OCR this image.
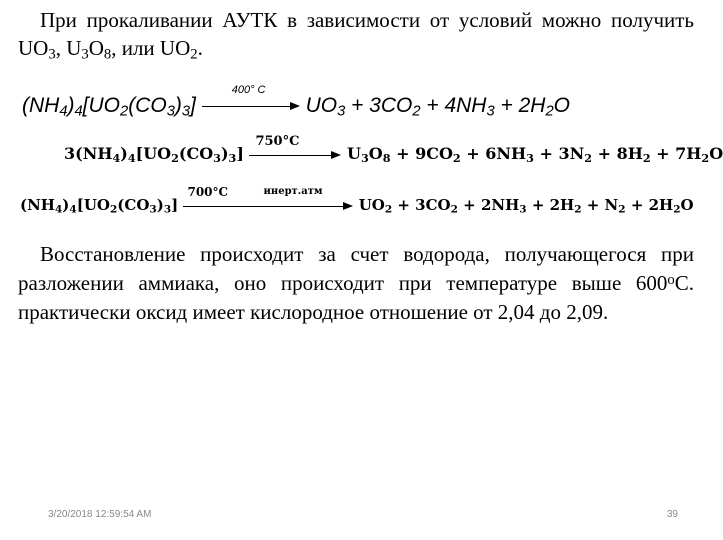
При прокаливании АУТК в зависимости от условий можно получить $UO_3$, $U_3O_8$, или $UO_2$.
$(NH_4)_4[UO_2(CO_3)_3]$
400° C
$UO_3 + 3CO_2 + 4NH_3 + 2H_2O$
$3(NH_4)_4[UO_2(CO_3)_3]$
750°C
$U_3O_8 + 9CO_2 + 6NH_3 + 3N_2 + 8H_2 + 7H_2O$
$(NH_4)_4[UO_2(CO_3)_3]$
700°C	инерт.атм
$UO_2 + 3CO_2 + 2NH_3 + 2H_2 + N_2 + 2H_2O$
Восстановление происходит за счет водорода, получающегося при разложении аммиака, оно происходит при температуре выше $600^оС$. практически оксид имеет кислородное отношение от 2,04 до 2,09.
3/20/2018 12:59:54 AM	39
